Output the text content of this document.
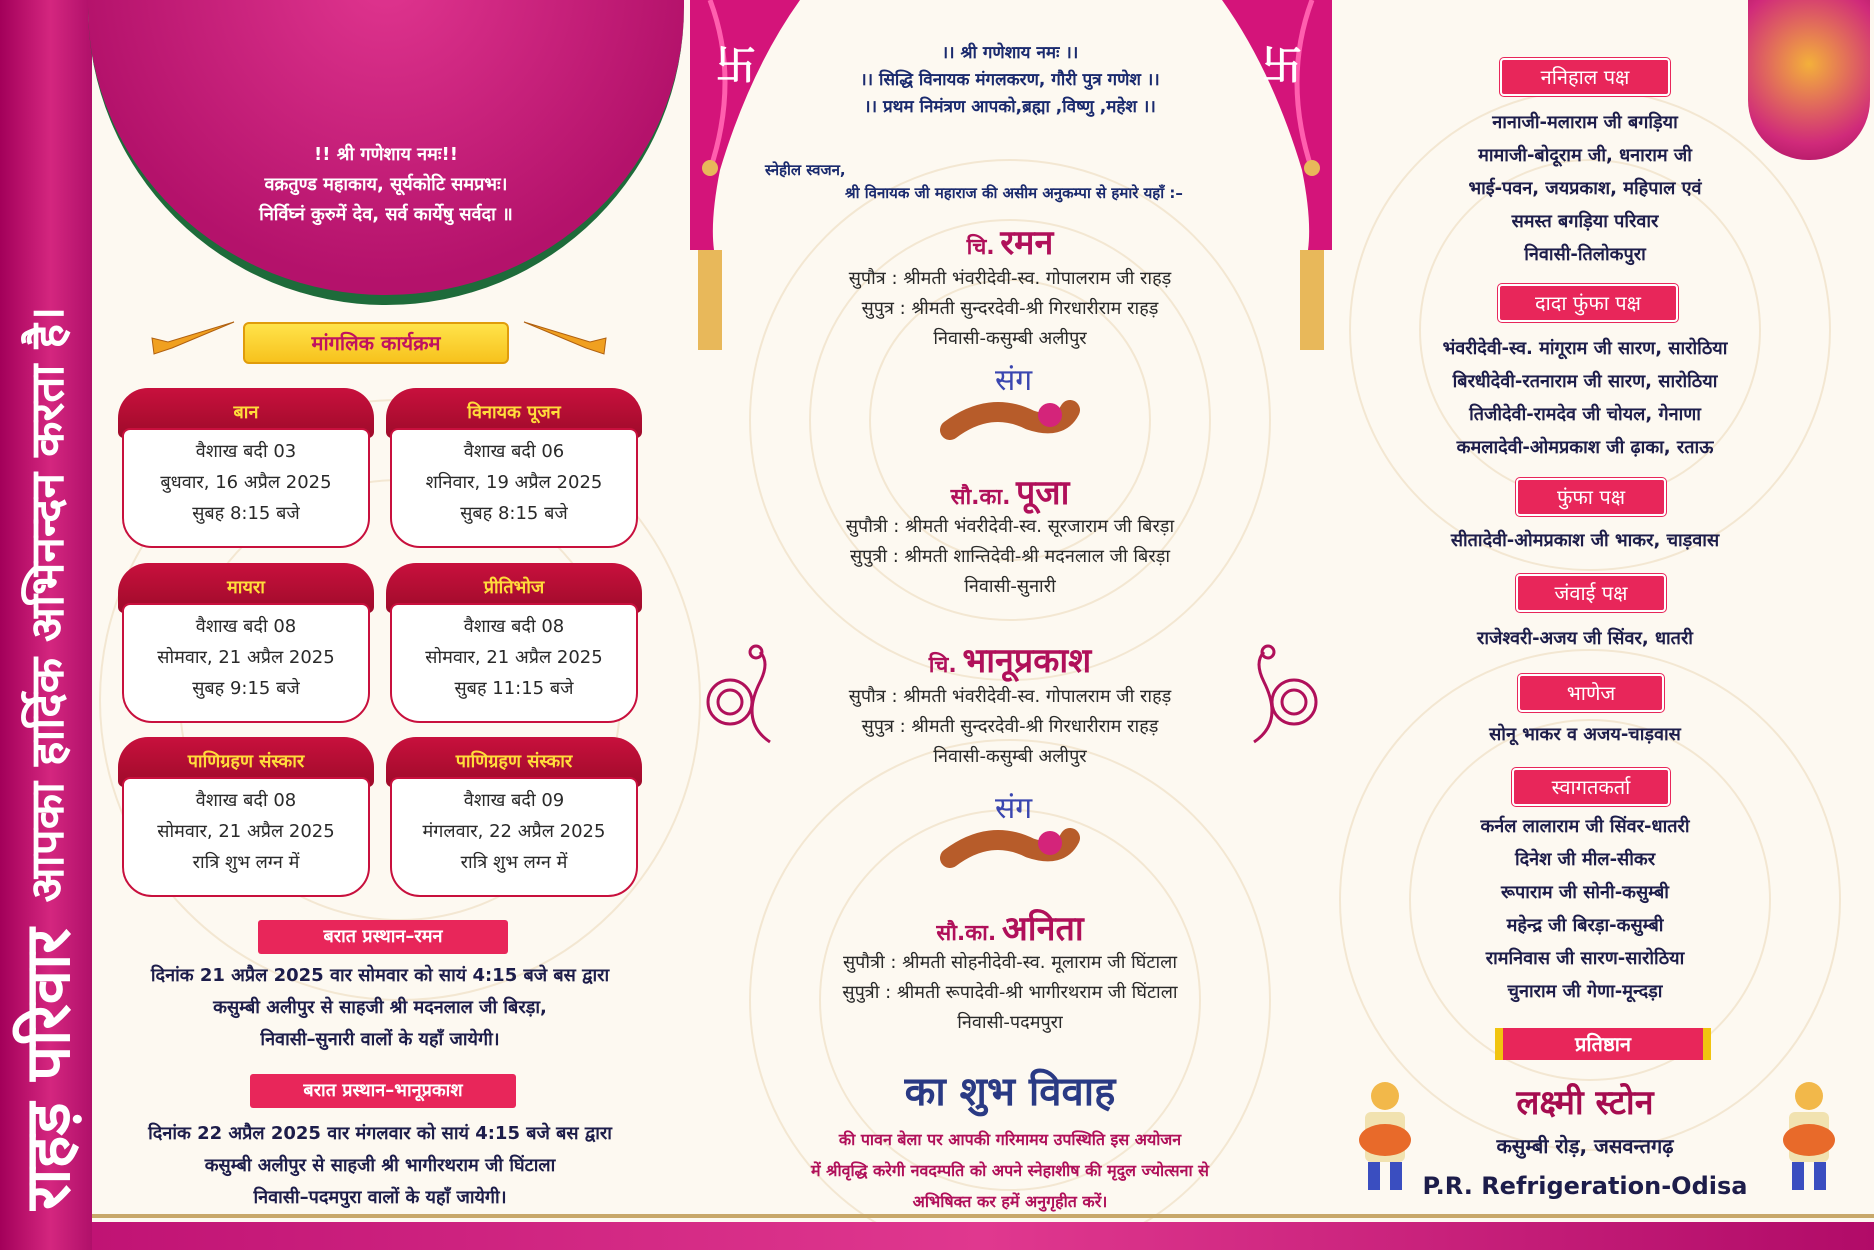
राहड़ परिवार
आपका हार्दिक अभिनन्दन करता है।
!! श्री गणेशाय नमः!!
वक्रतुण्ड महाकाय, सूर्यकोटि समप्रभः।
निर्विघ्नं कुरुमें देव, सर्व कार्येषु सर्वदा ॥
मांगलिक कार्यक्रम
बान
वैशाख बदी 03
बुधवार, 16 अप्रैल 2025
सुबह 8:15 बजे
विनायक पूजन
वैशाख बदी 06
शनिवार, 19 अप्रैल 2025
सुबह 8:15 बजे
मायरा
वैशाख बदी 08
सोमवार, 21 अप्रैल 2025
सुबह 9:15 बजे
प्रीतिभोज
वैशाख बदी 08
सोमवार, 21 अप्रैल 2025
सुबह 11:15 बजे
पाणिग्रहण संस्कार
वैशाख बदी 08
सोमवार, 21 अप्रैल 2025
रात्रि शुभ लग्न में
पाणिग्रहण संस्कार
वैशाख बदी 09
मंगलवार, 22 अप्रैल 2025
रात्रि शुभ लग्न में
बरात प्रस्थान–रमन
दिनांक 21 अप्रैल 2025 वार सोमवार को सायं 4:15 बजे बस द्वारा
कसुम्बी अलीपुर से साहजी श्री मदनलाल जी बिरड़ा,
निवासी–सुनारी वालों के यहाँ जायेगी।
बरात प्रस्थान–भानूप्रकाश
दिनांक 22 अप्रैल 2025 वार मंगलवार को सायं 4:15 बजे बस द्वारा
कसुम्बी अलीपुर से साहजी श्री भागीरथराम जी घिंटाला
निवासी–पदमपुरा वालों के यहाँ जायेगी।
卐	卐
।। श्री गणेशाय नमः ।।
।। सिद्धि विनायक मंगलकरण, गौरी पुत्र गणेश ।।
।। प्रथम निमंत्रण आपको,ब्रह्मा ,विष्णु ,महेश ।।
स्नेहील स्वजन,
श्री विनायक जी महाराज की असीम अनुकम्पा से हमारे यहाँ :–
चि. रमन
सुपौत्र : श्रीमती भंवरीदेवी-स्व. गोपालराम जी राहड़
सुपुत्र : श्रीमती सुन्दरदेवी-श्री गिरधारीराम राहड़
निवासी-कसुम्बी अलीपुर
संग
सौ.का. पूजा
सुपौत्री : श्रीमती भंवरीदेवी-स्व. सूरजाराम जी बिरड़ा
सुपुत्री : श्रीमती शान्तिदेवी-श्री मदनलाल जी बिरड़ा
निवासी-सुनारी
चि. भानूप्रकाश
सुपौत्र : श्रीमती भंवरीदेवी-स्व. गोपालराम जी राहड़
सुपुत्र : श्रीमती सुन्दरदेवी-श्री गिरधारीराम राहड़
निवासी-कसुम्बी अलीपुर
संग
सौ.का. अनिता
सुपौत्री : श्रीमती सोहनीदेवी-स्व. मूलाराम जी घिंटाला
सुपुत्री : श्रीमती रूपादेवी-श्री भागीरथराम जी घिंटाला
निवासी-पदमपुरा
का शुभ विवाह
की पावन बेला पर आपकी गरिमामय उपस्थिति इस अयोजन
में श्रीवृद्धि करेगी नवदम्पति को अपने स्नेहाशीष की मृदुल ज्योत्सना से
अभिषिक्त कर हमें अनुगृहीत करें।
ननिहाल पक्ष
नानाजी-मलाराम जी बगड़िया
मामाजी-बोदूराम जी, धनाराम जी
भाई-पवन, जयप्रकाश, महिपाल एवं
समस्त बगड़िया परिवार
निवासी-तिलोकपुरा
दादा फुंफा पक्ष
भंवरीदेवी-स्व. मांगूराम जी सारण, सारोठिया
बिरधीदेवी-रतनाराम जी सारण, सारोठिया
तिजीदेवी-रामदेव जी चोयल, गेनाणा
कमलादेवी-ओमप्रकाश जी ढ़ाका, रताऊ
फुंफा पक्ष
सीतादेवी-ओमप्रकाश जी भाकर, चाड़वास
जंवाई पक्ष
राजेश्वरी-अजय जी सिंवर, धातरी
भाणेज
सोनू भाकर व अजय-चाड़वास
स्वागतकर्ता
कर्नल लालाराम जी सिंवर-धातरी
दिनेश जी मील-सीकर
रूपाराम जी सोनी-कसुम्बी
महेन्द्र जी बिरड़ा-कसुम्बी
रामनिवास जी सारण-सारोठिया
चुनाराम जी गेणा-मून्दड़ा
प्रतिष्ठान
लक्ष्मी स्टोन
कसुम्बी रोड़, जसवन्तगढ़
P.R. Refrigeration-Odisa
